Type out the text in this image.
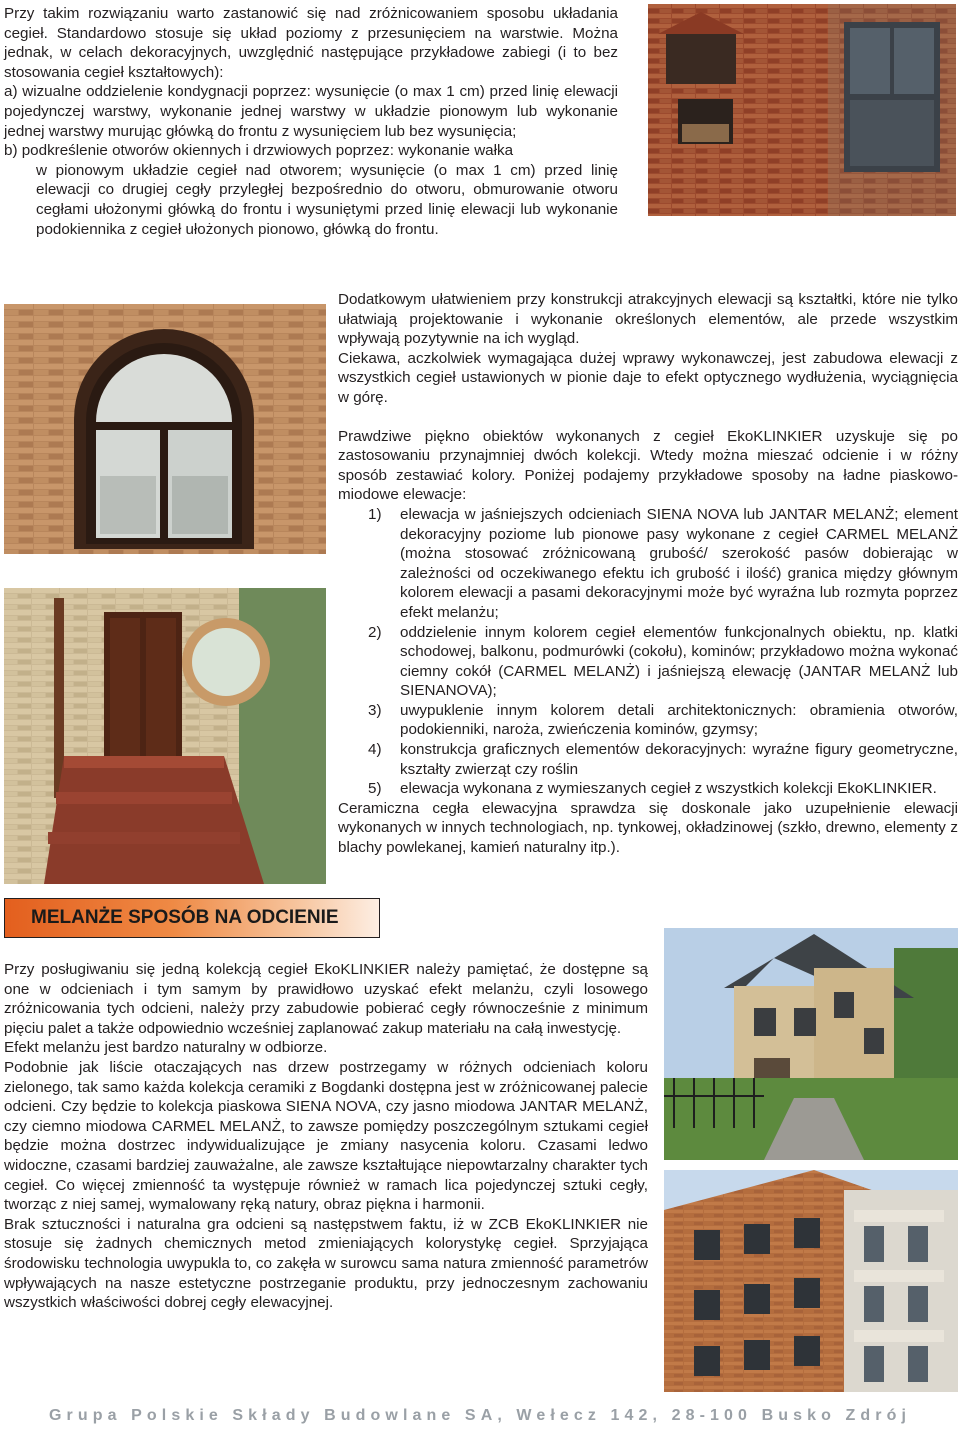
Przy takim rozwiązaniu warto zastanowić się nad zróżnicowaniem sposobu układania cegieł. Standardowo stosuje się układ poziomy z przesunięciem na warstwie. Można jednak, w celach dekoracyjnych, uwzględnić następujące przykładowe zabiegi (i to bez stosowania cegieł kształtowych):

a) wizualne oddzielenie kondygnacji poprzez: wysunięcie (o max 1 cm) przed linię elewacji pojedynczej warstwy, wykonanie jednej warstwy w układzie pionowym lub wykonanie jednej warstwy murując główką do frontu z wysunięciem lub bez wysunięcia;

b) podkreślenie otworów okiennych i drzwiowych poprzez: wykonanie wałka

w pionowym układzie cegieł nad otworem; wysunięcie (o max 1 cm) przed linię elewacji co drugiej cegły przyległej bezpośrednio do otworu, obmurowanie otworu cegłami ułożonymi główką do frontu i wysuniętymi przed linię elewacji lub wykonanie podokiennika z cegieł ułożonych pionowo, główką do frontu.

Dodatkowym ułatwieniem przy konstrukcji atrakcyjnych elewacji są kształtki, które nie tylko ułatwiają projektowanie i wykonanie określonych elementów, ale przede wszystkim wpływają pozytywnie na ich wygląd.

Ciekawa, aczkolwiek wymagająca dużej wprawy wykonawczej, jest zabudowa elewacji z wszystkich cegieł ustawionych w pionie daje to efekt optycznego wydłużenia, wyciągnięcia w górę.

Prawdziwe piękno obiektów wykonanych z cegieł EkoKLINKIER uzyskuje się po zastosowaniu przynajmniej dwóch kolekcji. Wtedy można mieszać odcienie i w różny sposób zestawiać kolory. Poniżej podajemy przykładowe sposoby na ładne piaskowo-miodowe elewacje:

1) elewacja w jaśniejszych odcieniach SIENA NOVA lub JANTAR MELANŻ; element dekoracyjny poziome lub pionowe pasy wykonane z cegieł CARMEL MELANŻ (można stosować zróżnicowaną grubość/ szerokość pasów dobierając w zależności od oczekiwanego efektu ich grubość i ilość) granica między głównym kolorem elewacji a pasami dekoracyjnymi może być wyraźna lub rozmyta poprzez efekt melanżu;
2) oddzielenie innym kolorem cegieł elementów funkcjonalnych obiektu, np. klatki schodowej, balkonu, podmurówki (cokołu), kominów; przykładowo można wykonać ciemny cokół (CARMEL MELANŻ) i jaśniejszą elewację (JANTAR MELANŻ lub SIENANOVA);
3) uwypuklenie innym kolorem detali architektonicznych: obramienia otworów, podokienniki, naroża, zwieńczenia kominów, gzymsy;
4) konstrukcja graficznych elementów dekoracyjnych: wyraźne figury geometryczne, kształty zwierząt czy roślin
5) elewacja wykonana z wymieszanych cegieł z wszystkich kolekcji EkoKLINKIER.

Ceramiczna cegła elewacyjna sprawdza się doskonale jako uzupełnienie elewacji wykonanych w innych technologiach, np. tynkowej, okładzinowej (szkło, drewno, elementy z blachy powlekanej, kamień naturalny itp.).

MELANŻE SPOSÓB NA ODCIENIE

Przy posługiwaniu się jedną kolekcją cegieł EkoKLINKIER należy pamiętać, że dostępne są one w odcieniach i tym samym by prawidłowo uzyskać efekt melanżu, czyli losowego zróżnicowania tych odcieni, należy przy zabudowie pobierać cegły równocześnie z minimum pięciu palet a także odpowiednio wcześniej zaplanować zakup materiału na całą inwestycję.

Efekt melanżu jest bardzo naturalny w odbiorze.

Podobnie jak liście otaczających nas drzew postrzegamy w różnych odcieniach koloru zielonego, tak samo każda kolekcja ceramiki z Bogdanki dostępna jest w zróżnicowanej palecie odcieni. Czy będzie to kolekcja piaskowa SIENA NOVA, czy jasno miodowa JANTAR MELANŻ, czy ciemno miodowa CARMEL MELANŻ, to zawsze pomiędzy poszczególnym sztukami cegieł będzie można dostrzec indywidualizujące je zmiany nasycenia koloru. Czasami ledwo widoczne, czasami bardziej zauważalne, ale zawsze kształtujące niepowtarzalny charakter tych cegieł. Co więcej zmienność ta występuje również w ramach lica pojedynczej sztuki cegły, tworząc z niej samej, wymalowany ręką natury, obraz piękna i harmonii.

Brak sztuczności i naturalna gra odcieni są następstwem faktu, iż w ZCB EkoKLINKIER nie stosuje się żadnych chemicznych metod zmieniających kolorystykę cegieł. Sprzyjająca środowisku technologia uwypukla to, co zakęła w surowcu sama natura zmienność parametrów wpływających na nasze estetyczne postrzeganie produktu, przy jednoczesnym zachowaniu wszystkich właściwości dobrej cegły elewacyjnej.

Grupa Polskie Składy Budowlane SA, Wełecz 142, 28-100 Busko Zdrój
